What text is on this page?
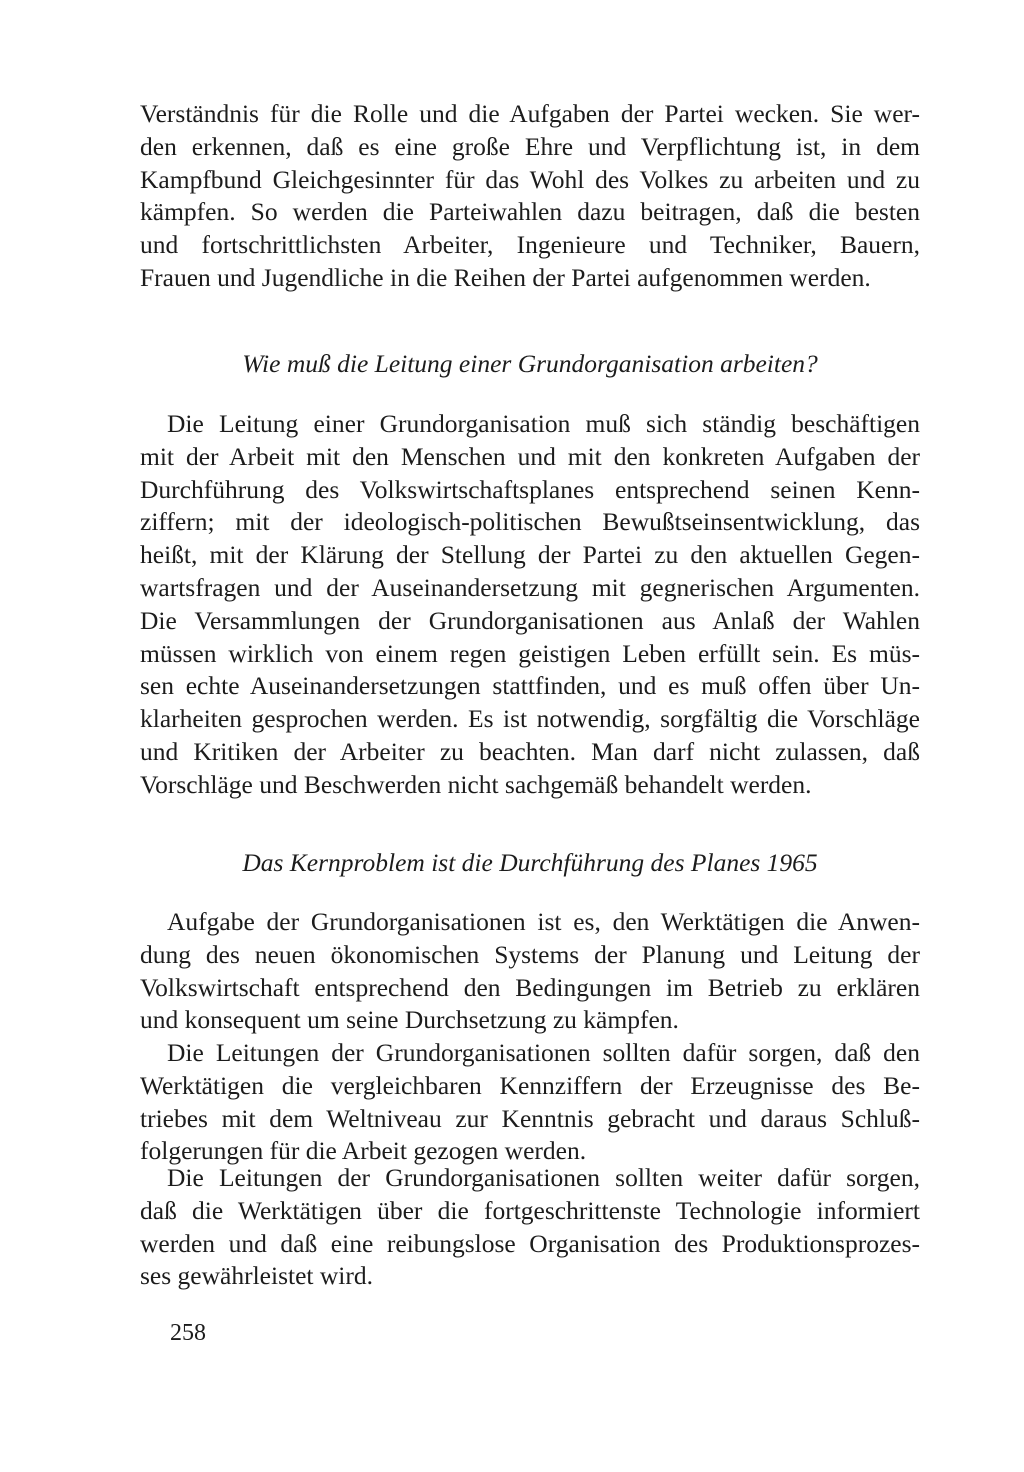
Verständnis für die Rolle und die Aufgaben der Partei wecken. Sie wer-
den erkennen, daß es eine große Ehre und Verpflichtung ist, in dem
Kampfbund Gleichgesinnter für das Wohl des Volkes zu arbeiten und zu
kämpfen. So werden die Parteiwahlen dazu beitragen, daß die besten
und fortschrittlichsten Arbeiter, Ingenieure und Techniker, Bauern,
Frauen und Jugendliche in die Reihen der Partei aufgenommen werden.
Wie muß die Leitung einer Grundorganisation arbeiten?
Die Leitung einer Grundorganisation muß sich ständig beschäftigen
mit der Arbeit mit den Menschen und mit den konkreten Aufgaben der
Durchführung des Volkswirtschaftsplanes entsprechend seinen Kenn-
ziffern; mit der ideologisch-politischen Bewußtseinsentwicklung, das
heißt, mit der Klärung der Stellung der Partei zu den aktuellen Gegen-
wartsfragen und der Auseinandersetzung mit gegnerischen Argumenten.
Die Versammlungen der Grundorganisationen aus Anlaß der Wahlen
müssen wirklich von einem regen geistigen Leben erfüllt sein. Es müs-
sen echte Auseinandersetzungen stattfinden, und es muß offen über Un-
klarheiten gesprochen werden. Es ist notwendig, sorgfältig die Vorschläge
und Kritiken der Arbeiter zu beachten. Man darf nicht zulassen, daß
Vorschläge und Beschwerden nicht sachgemäß behandelt werden.
Das Kernproblem ist die Durchführung des Planes 1965
Aufgabe der Grundorganisationen ist es, den Werktätigen die Anwen-
dung des neuen ökonomischen Systems der Planung und Leitung der
Volkswirtschaft entsprechend den Bedingungen im Betrieb zu erklären
und konsequent um seine Durchsetzung zu kämpfen.
Die Leitungen der Grundorganisationen sollten dafür sorgen, daß den
Werktätigen die vergleichbaren Kennziffern der Erzeugnisse des Be-
triebes mit dem Weltniveau zur Kenntnis gebracht und daraus Schluß-
folgerungen für die Arbeit gezogen werden.
Die Leitungen der Grundorganisationen sollten weiter dafür sorgen,
daß die Werktätigen über die fortgeschrittenste Technologie informiert
werden und daß eine reibungslose Organisation des Produktionsprozes-
ses gewährleistet wird.
258
